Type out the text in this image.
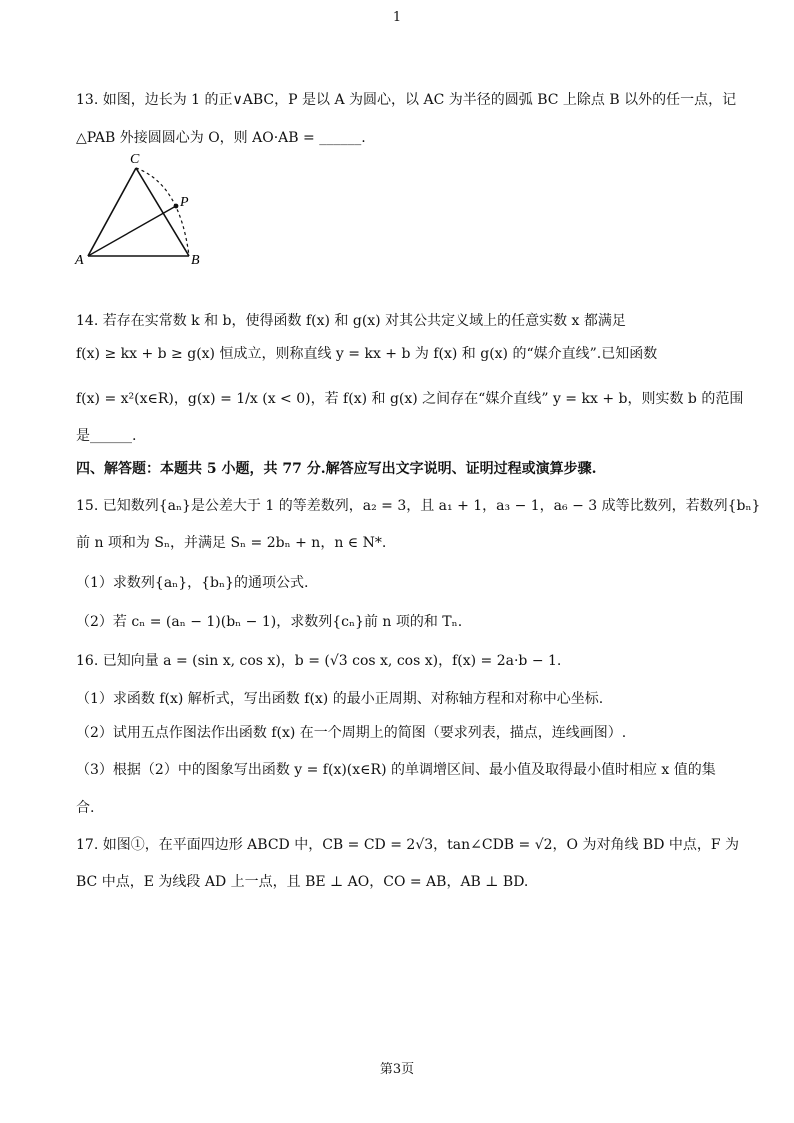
1
13. 如图，边长为 1 的正∨ABC，P 是以 A 为圆心，以 AC 为半径的圆弧 BC 上除点 B 以外的任一点，记
△PAB 外接圆圆心为 O，则 AO·AB = ______.
14. 若存在实常数 k 和 b，使得函数 f(x) 和 g(x) 对其公共定义域上的任意实数 x 都满足
f(x) ≥ kx + b ≥ g(x) 恒成立，则称直线 y = kx + b 为 f(x) 和 g(x) 的“媒介直线”.已知函数
f(x) = x²(x∈R)，g(x) = 1/x (x < 0)，若 f(x) 和 g(x) 之间存在“媒介直线” y = kx + b，则实数 b 的范围
是______.
四、解答题：本题共 5 小题，共 77 分.解答应写出文字说明、证明过程或演算步骤.
15. 已知数列{aₙ}是公差大于 1 的等差数列，a₂ = 3，且 a₁ + 1，a₃ − 1，a₆ − 3 成等比数列，若数列{bₙ}
前 n 项和为 Sₙ，并满足 Sₙ = 2bₙ + n，n ∈ N*.
（1）求数列{aₙ}，{bₙ}的通项公式.
（2）若 cₙ = (aₙ − 1)(bₙ − 1)，求数列{cₙ}前 n 项的和 Tₙ.
16. 已知向量 a = (sin x, cos x)，b = (√3 cos x, cos x)，f(x) = 2a·b − 1.
（1）求函数 f(x) 解析式，写出函数 f(x) 的最小正周期、对称轴方程和对称中心坐标.
（2）试用五点作图法作出函数 f(x) 在一个周期上的简图（要求列表，描点，连线画图）.
（3）根据（2）中的图象写出函数 y = f(x)(x∈R) 的单调增区间、最小值及取得最小值时相应 x 值的集
合.
17. 如图①，在平面四边形 ABCD 中，CB = CD = 2√3，tan∠CDB = √2，O 为对角线 BD 中点，F 为
BC 中点，E 为线段 AD 上一点，且 BE ⊥ AO，CO = AB，AB ⊥ BD.
C
P
A	B
第3页
